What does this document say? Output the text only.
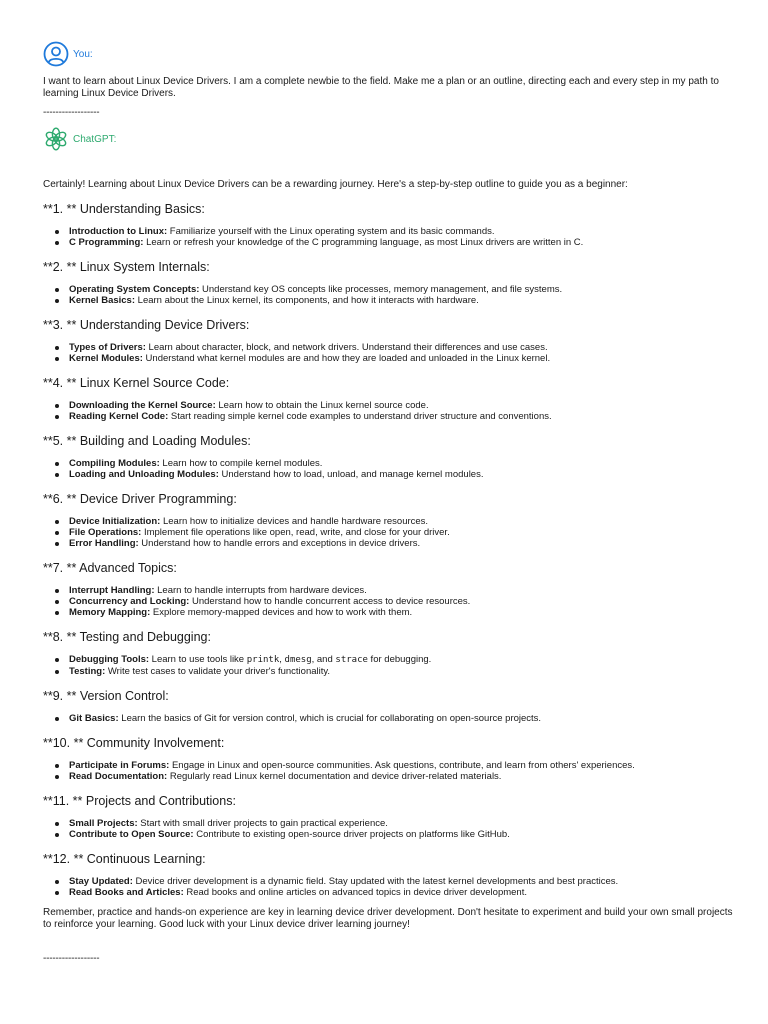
You:

I want to learn about Linux Device Drivers. I am a complete newbie to the field. Make me a plan or an outline, directing each and every step in my path to learning Linux Device Drivers.

------------------
ChatGPT:

Certainly! Learning about Linux Device Drivers can be a rewarding journey. Here's a step-by-step outline to guide you as a beginner:

**1. ** Understanding Basics:
Introduction to Linux: Familiarize yourself with the Linux operating system and its basic commands.
C Programming: Learn or refresh your knowledge of the C programming language, as most Linux drivers are written in C.
**2. ** Linux System Internals:
Operating System Concepts: Understand key OS concepts like processes, memory management, and file systems.
Kernel Basics: Learn about the Linux kernel, its components, and how it interacts with hardware.
**3. ** Understanding Device Drivers:
Types of Drivers: Learn about character, block, and network drivers. Understand their differences and use cases.
Kernel Modules: Understand what kernel modules are and how they are loaded and unloaded in the Linux kernel.
**4. ** Linux Kernel Source Code:
Downloading the Kernel Source: Learn how to obtain the Linux kernel source code.
Reading Kernel Code: Start reading simple kernel code examples to understand driver structure and conventions.
**5. ** Building and Loading Modules:
Compiling Modules: Learn how to compile kernel modules.
Loading and Unloading Modules: Understand how to load, unload, and manage kernel modules.
**6. ** Device Driver Programming:
Device Initialization: Learn how to initialize devices and handle hardware resources.
File Operations: Implement file operations like open, read, write, and close for your driver.
Error Handling: Understand how to handle errors and exceptions in device drivers.
**7. ** Advanced Topics:
Interrupt Handling: Learn to handle interrupts from hardware devices.
Concurrency and Locking: Understand how to handle concurrent access to device resources.
Memory Mapping: Explore memory-mapped devices and how to work with them.
**8. ** Testing and Debugging:
Debugging Tools: Learn to use tools like printk, dmesg, and strace for debugging.
Testing: Write test cases to validate your driver's functionality.
**9. ** Version Control:
Git Basics: Learn the basics of Git for version control, which is crucial for collaborating on open-source projects.
**10. ** Community Involvement:
Participate in Forums: Engage in Linux and open-source communities. Ask questions, contribute, and learn from others' experiences.
Read Documentation: Regularly read Linux kernel documentation and device driver-related materials.
**11. ** Projects and Contributions:
Small Projects: Start with small driver projects to gain practical experience.
Contribute to Open Source: Contribute to existing open-source driver projects on platforms like GitHub.
**12. ** Continuous Learning:
Stay Updated: Device driver development is a dynamic field. Stay updated with the latest kernel developments and best practices.
Read Books and Articles: Read books and online articles on advanced topics in device driver development.

Remember, practice and hands-on experience are key in learning device driver development. Don't hesitate to experiment and build your own small projects to reinforce your learning. Good luck with your Linux device driver learning journey!

------------------
